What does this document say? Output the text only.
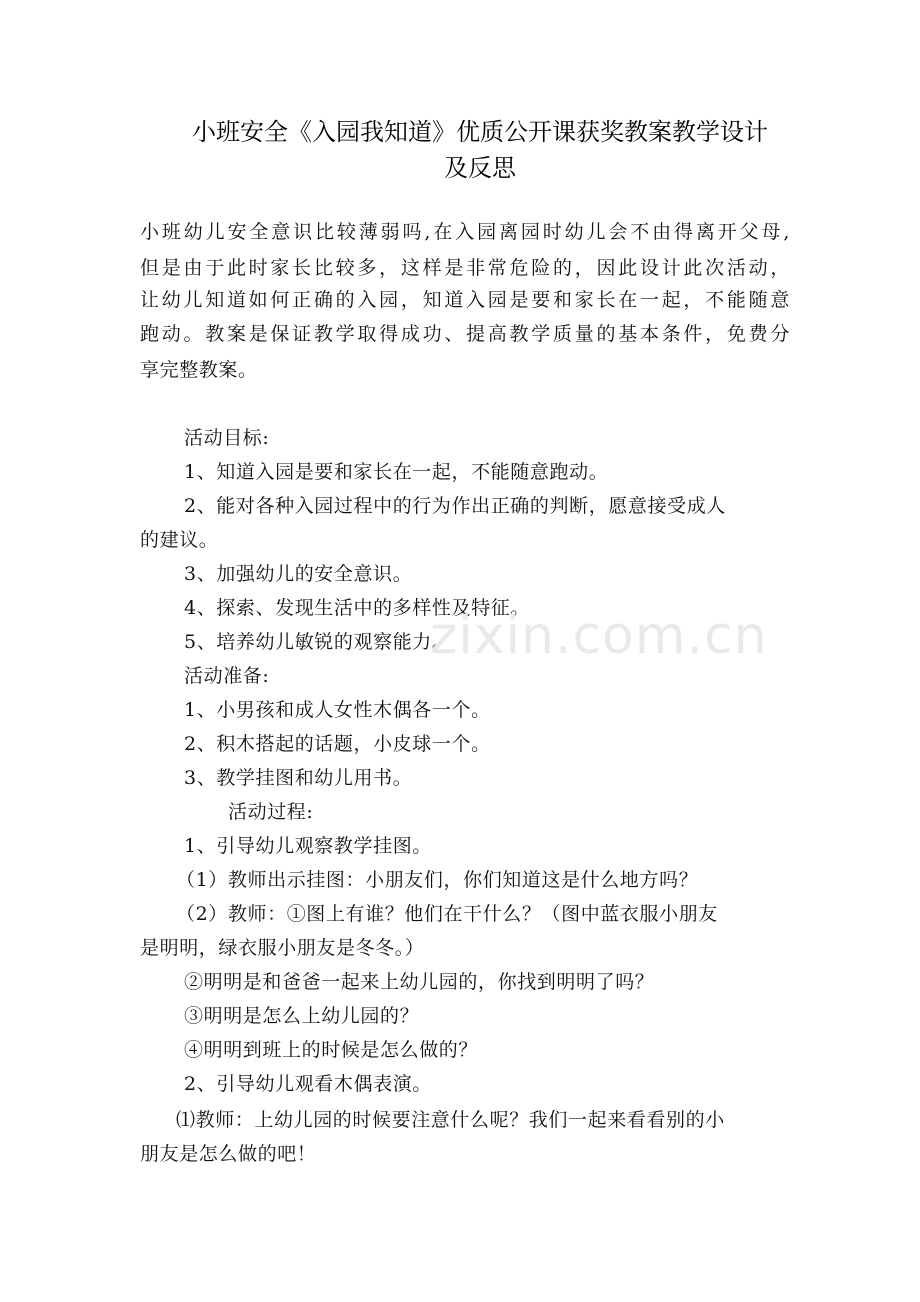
小班安全《入园我知道》优质公开课获奖教案教学设计
及反思
小班幼儿安全意识比较薄弱吗,在入园离园时幼儿会不由得离开父母,
但是由于此时家长比较多，这样是非常危险的，因此设计此次活动，
让幼儿知道如何正确的入园，知道入园是要和家长在一起，不能随意
跑动。教案是保证教学取得成功、提高教学质量的基本条件，免费分
享完整教案。
活动目标:
1、知道入园是要和家长在一起，不能随意跑动。
2、能对各种入园过程中的行为作出正确的判断，愿意接受成人
的建议。
3、加强幼儿的安全意识。
4、探索、发现生活中的多样性及特征。
5、培养幼儿敏锐的观察能力。
活动准备:
1、小男孩和成人女性木偶各一个。
2、积木搭起的话题，小皮球一个。
3、教学挂图和幼儿用书。
活动过程:
1、引导幼儿观察教学挂图。
（1）教师出示挂图：小朋友们，你们知道这是什么地方吗？
（2）教师：①图上有谁？他们在干什么？（图中蓝衣服小朋友
是明明，绿衣服小朋友是冬冬。）
②明明是和爸爸一起来上幼儿园的，你找到明明了吗？
③明明是怎么上幼儿园的？
④明明到班上的时候是怎么做的？
2、引导幼儿观看木偶表演。
⑴教师：上幼儿园的时候要注意什么呢？我们一起来看看别的小
朋友是怎么做的吧！
zixin.com.cn
